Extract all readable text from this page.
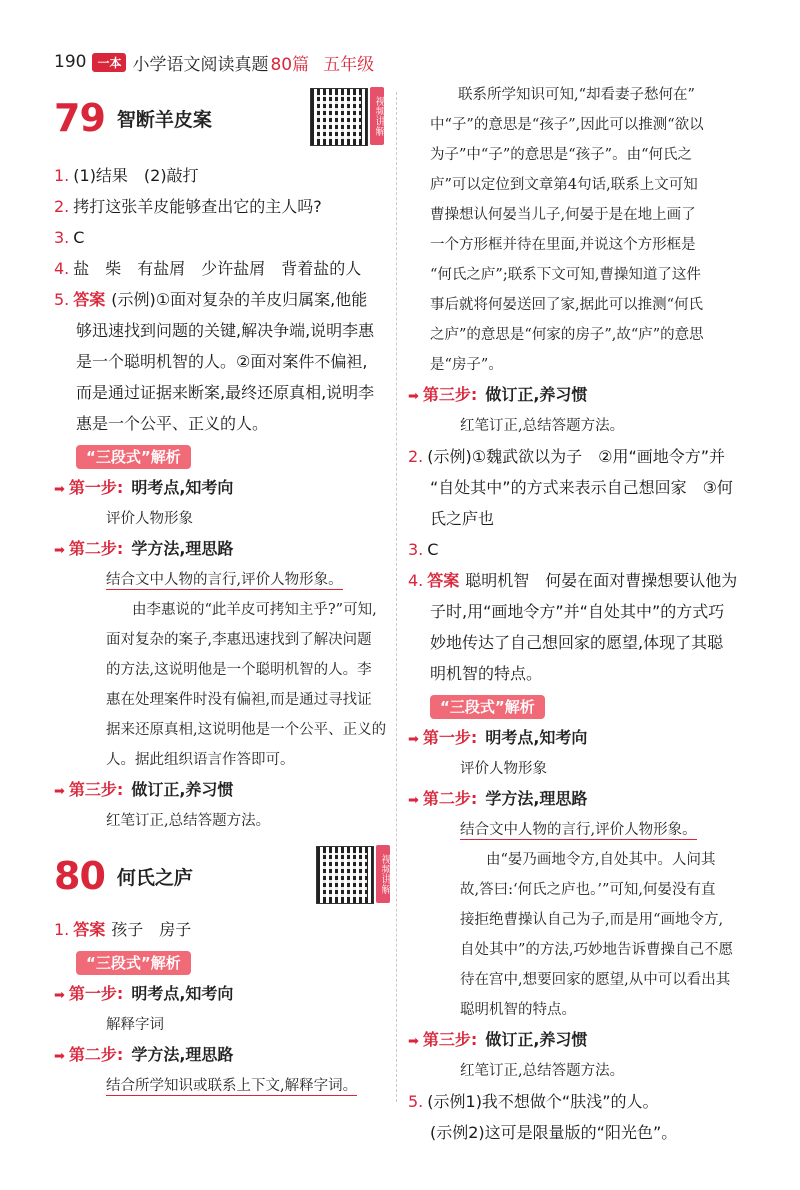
190 一本 小学语文阅读真题 80篇 五年级
79 智断羊皮案	视频讲解
1. (1)结果　(2)敲打
2. 拷打这张羊皮能够查出它的主人吗?
3. C
4. 盐　柴　有盐屑　少许盐屑　背着盐的人
5. 答案 (示例)①面对复杂的羊皮归属案,他能
够迅速找到问题的关键,解决争端,说明李惠
是一个聪明机智的人。②面对案件不偏袒,
而是通过证据来断案,最终还原真相,说明李
惠是一个公平、正义的人。
“三段式”解析
➡ 第一步: 明考点,知考向
评价人物形象
➡ 第二步: 学方法,理思路
结合文中人物的言行,评价人物形象。

由李惠说的“此羊皮可拷知主乎?”可知,

面对复杂的案子,李惠迅速找到了解决问题

的方法,这说明他是一个聪明机智的人。李

惠在处理案件时没有偏袒,而是通过寻找证

据来还原真相,这说明他是一个公平、正义的

人。据此组织语言作答即可。

➡ 第三步: 做订正,养习惯
红笔订正,总结答题方法。
80 何氏之庐	视频讲解
1. 答案 孩子　房子
“三段式”解析
➡ 第一步: 明考点,知考向
解释字词
➡ 第二步: 学方法,理思路
结合所学知识或联系上下文,解释字词。

联系所学知识可知,“却看妻子愁何在”

中“子”的意思是“孩子”,因此可以推测“欲以

为子”中“子”的意思是“孩子”。由“何氏之

庐”可以定位到文章第4句话,联系上文可知

曹操想认何晏当儿子,何晏于是在地上画了

一个方形框并待在里面,并说这个方形框是

“何氏之庐”;联系下文可知,曹操知道了这件

事后就将何晏送回了家,据此可以推测“何氏

之庐”的意思是“何家的房子”,故“庐”的意思

是“房子”。

➡ 第三步: 做订正,养习惯
红笔订正,总结答题方法。
2. (示例)①魏武欲以为子　②用“画地令方”并
“自处其中”的方式来表示自己想回家　③何
氏之庐也
3. C
4. 答案 聪明机智　何晏在面对曹操想要认他为
子时,用“画地令方”并“自处其中”的方式巧
妙地传达了自己想回家的愿望,体现了其聪
明机智的特点。
“三段式”解析
➡ 第一步: 明考点,知考向
评价人物形象
➡ 第二步: 学方法,理思路
结合文中人物的言行,评价人物形象。

由“晏乃画地令方,自处其中。人问其

故,答曰:‘何氏之庐也。’”可知,何晏没有直

接拒绝曹操认自己为子,而是用“画地令方,

自处其中”的方法,巧妙地告诉曹操自己不愿

待在宫中,想要回家的愿望,从中可以看出其

聪明机智的特点。

➡ 第三步: 做订正,养习惯
红笔订正,总结答题方法。
5. (示例1)我不想做个“肤浅”的人。
(示例2)这可是限量版的“阳光色”。
